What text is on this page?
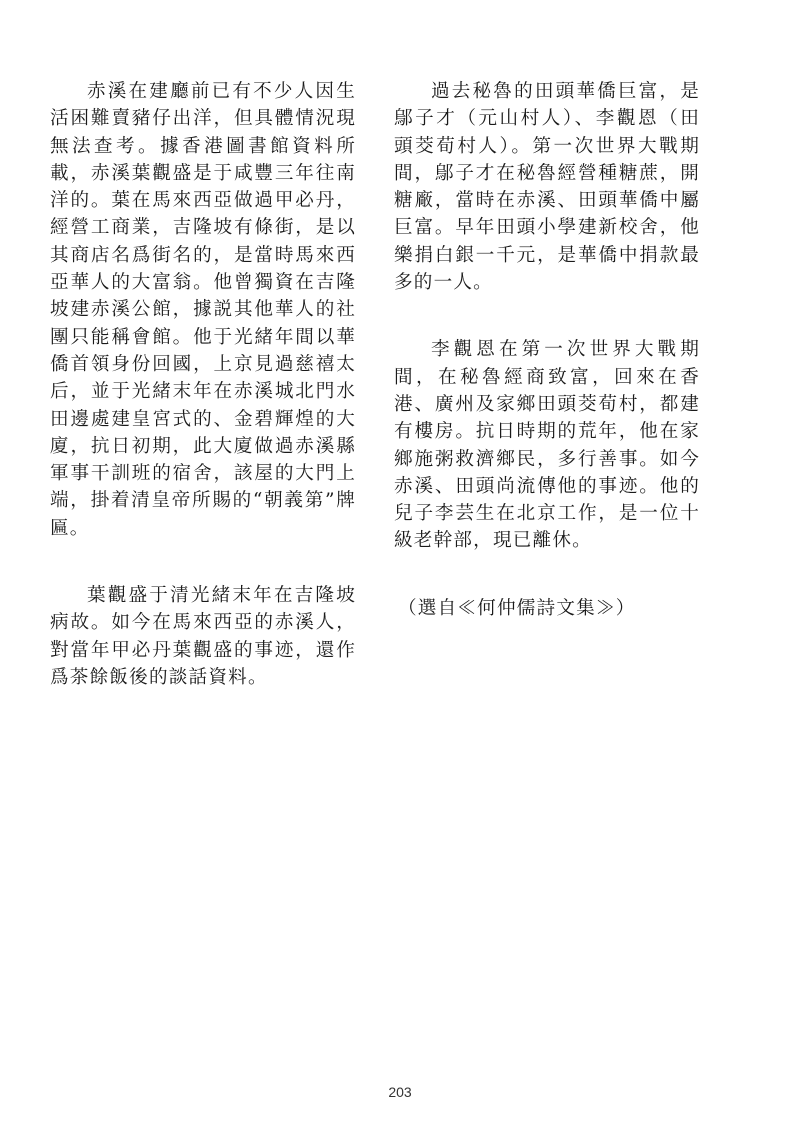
赤溪在建廳前已有不少人因生活困難賣豬仔出洋，但具體情況現無法查考。據香港圖書館資料所載，赤溪葉觀盛是于咸豐三年往南洋的。葉在馬來西亞做過甲必丹，經營工商業，吉隆坡有條街，是以其商店名爲街名的，是當時馬來西亞華人的大富翁。他曾獨資在吉隆坡建赤溪公館，據説其他華人的社團只能稱會館。他于光緒年間以華僑首領身份回國，上京見過慈禧太后，並于光緒末年在赤溪城北門水田邊處建皇宮式的、金碧輝煌的大廈，抗日初期，此大廈做過赤溪縣軍事干訓班的宿舍，該屋的大門上端，掛着清皇帝所賜的“朝義第”牌匾。

葉觀盛于清光緒末年在吉隆坡病故。如今在馬來西亞的赤溪人，對當年甲必丹葉觀盛的事迹，還作爲茶餘飯後的談話資料。

過去秘魯的田頭華僑巨富，是鄔子才（元山村人）、李觀恩（田頭茭荀村人）。第一次世界大戰期間，鄔子才在秘魯經營種糖蔗，開糖廠，當時在赤溪、田頭華僑中屬巨富。早年田頭小學建新校舍，他樂捐白銀一千元，是華僑中捐款最多的一人。

李觀恩在第一次世界大戰期間，在秘魯經商致富，回來在香港、廣州及家鄉田頭茭荀村，都建有樓房。抗日時期的荒年，他在家鄉施粥救濟鄉民，多行善事。如今赤溪、田頭尚流傳他的事迹。他的兒子李芸生在北京工作，是一位十級老幹部，現已離休。

（選自≪何仲儒詩文集≫）

203
